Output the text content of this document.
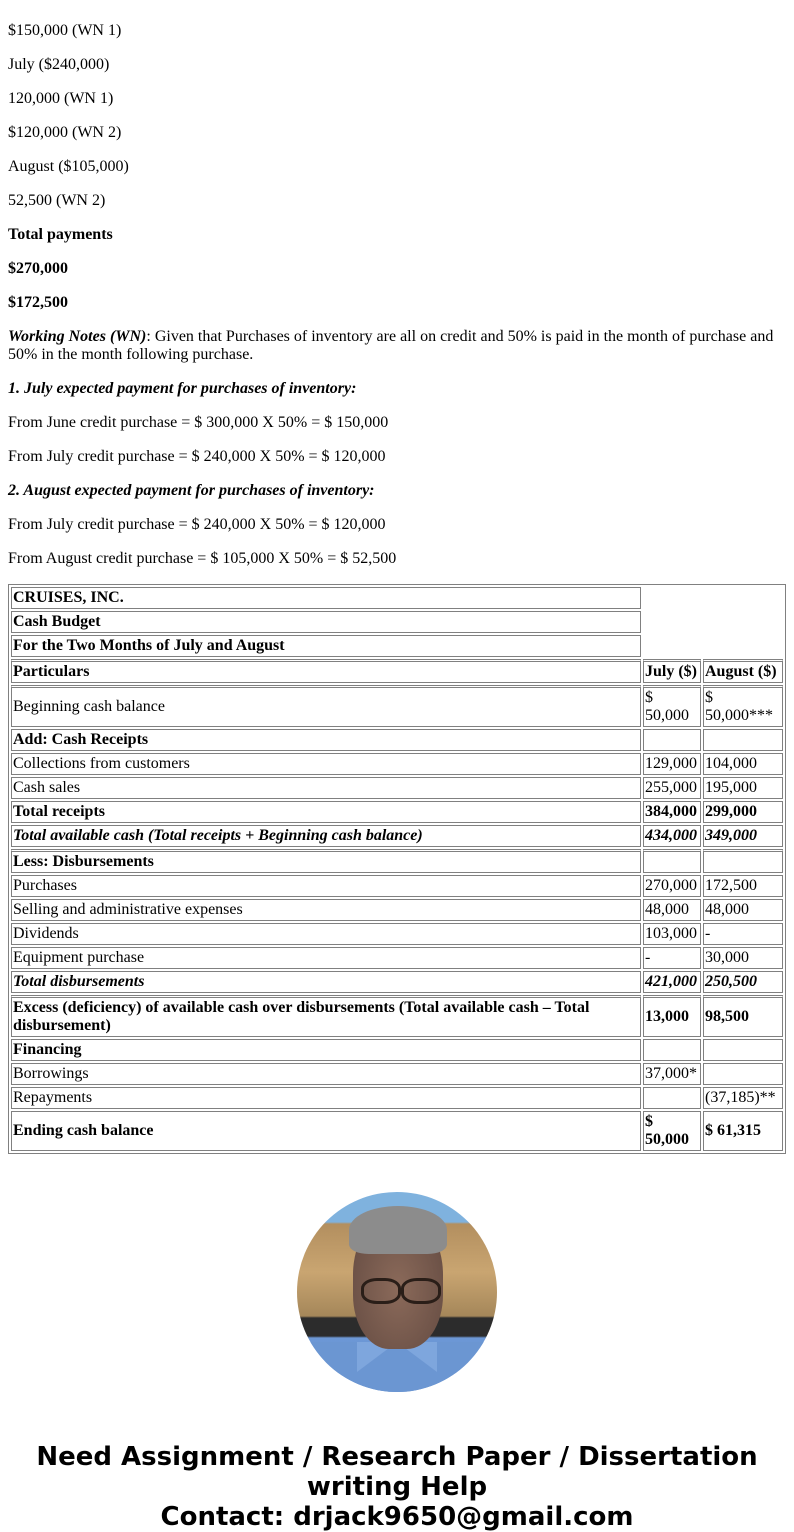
$150,000 (WN 1)

July ($240,000)

120,000 (WN 1)

$120,000 (WN 2)

August ($105,000)

52,500 (WN 2)

Total payments

$270,000

$172,500

Working Notes (WN): Given that Purchases of inventory are all on credit and 50% is paid in the month of purchase and 50% in the month following purchase.

1. July expected payment for purchases of inventory:

From June credit purchase = $ 300,000 X 50% = $ 150,000

From July credit purchase = $ 240,000 X 50% = $ 120,000

2. August expected payment for purchases of inventory:

From July credit purchase = $ 240,000 X 50% = $ 120,000

From August credit purchase = $ 105,000 X 50% = $ 52,500

CRUISES, INC.		
Cash Budget		
For the Two Months of July and August		
Particulars	July ($)	August ($)
Beginning cash balance	$ 50,000	$ 50,000***
Add: Cash Receipts		
Collections from customers	129,000	104,000
Cash sales	255,000	195,000
Total receipts	384,000	299,000
Total available cash (Total receipts + Beginning cash balance)	434,000	349,000
Less: Disbursements		
Purchases	270,000	172,500
Selling and administrative expenses	48,000	48,000
Dividends	103,000	-
Equipment purchase	-	30,000
Total disbursements	421,000	250,500
Excess (deficiency) of available cash over disbursements (Total available cash – Total disbursement)	13,000	98,500
Financing		
Borrowings	37,000*	
Repayments		(37,185)**
Ending cash balance	$ 50,000	$ 61,315
Need Assignment / Research Paper / Dissertation writing Help
Contact: drjack9650@gmail.com
